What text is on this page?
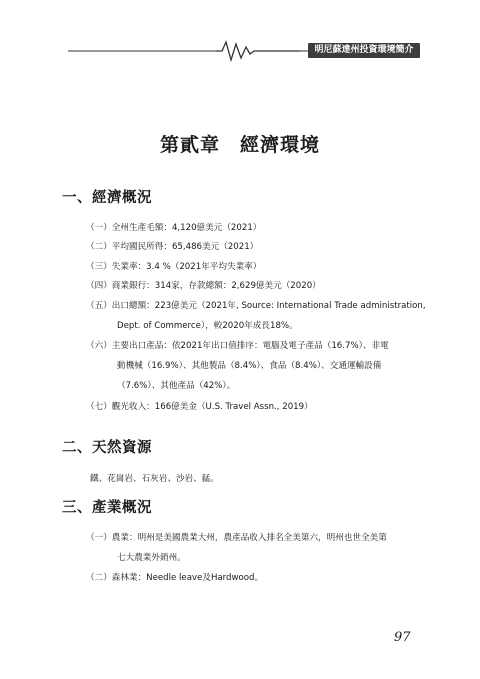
明尼蘇達州投資環境簡介
第貳章　經濟環境
一、經濟概況
（一）全州生產毛額：4,120億美元（2021）
（二）平均國民所得：65,486美元（2021）
（三）失業率：3.4 %（2021年平均失業率）
（四）商業銀行：314家，存款總額：2,629億美元（2020）
（五）出口總額：223億美元（2021年, Source: International Trade administration,
Dept. of Commerce），較2020年成長18%。
（六）主要出口產品：依2021年出口值排序：電腦及電子產品（16.7%）、非電
動機械（16.9%）、其他製品（8.4%）、食品（8.4%）、交通運輸設備
（7.6%）、其他產品（42%）。
（七）觀光收入：166億美金（U.S. Travel Assn., 2019）
二、天然資源
鐵、花崗岩、石灰岩、沙岩、錳。
三、產業概況
（一）農業：明州是美國農業大州，農產品收入排名全美第六，明州也世全美第
七大農業外銷州。
（二）森林業：Needle leave及Hardwood。
97
